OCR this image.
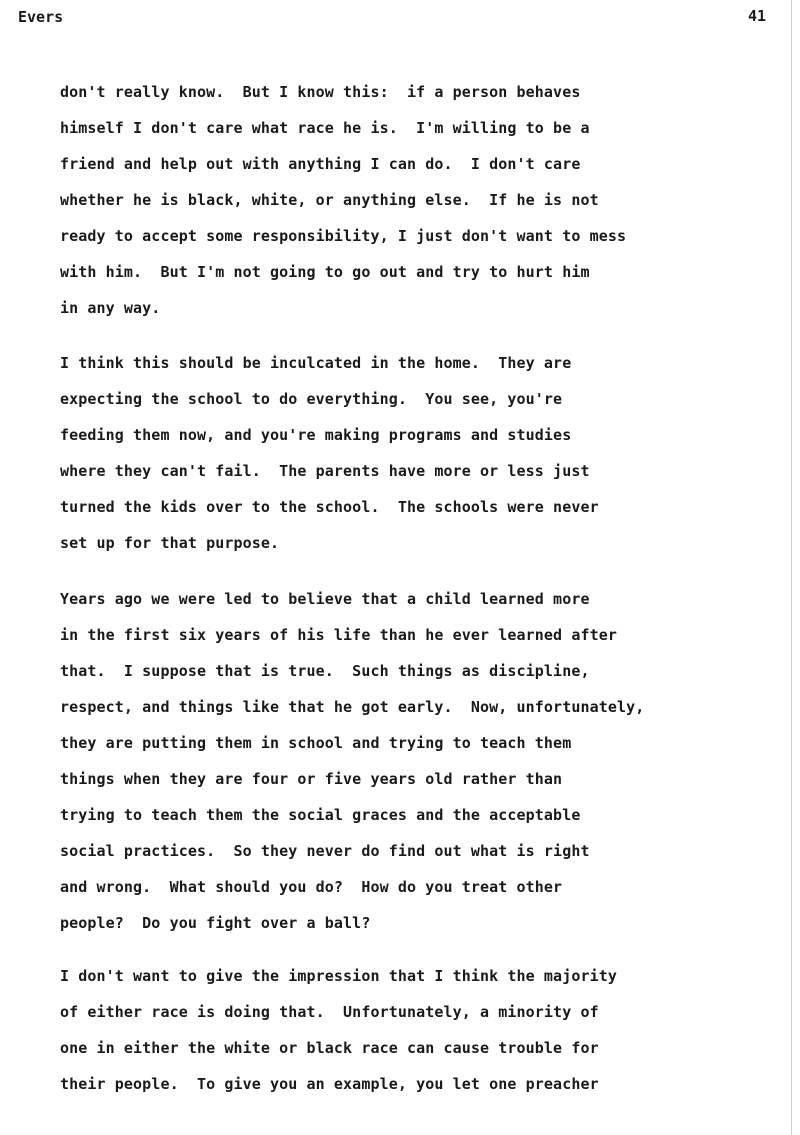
Evers	41
don't really know.  But I know this:  if a person behaves
himself I don't care what race he is.  I'm willing to be a
friend and help out with anything I can do.  I don't care
whether he is black, white, or anything else.  If he is not
ready to accept some responsibility, I just don't want to mess
with him.  But I'm not going to go out and try to hurt him
in any way.
I think this should be inculcated in the home.  They are
expecting the school to do everything.  You see, you're
feeding them now, and you're making programs and studies
where they can't fail.  The parents have more or less just
turned the kids over to the school.  The schools were never
set up for that purpose.
Years ago we were led to believe that a child learned more
in the first six years of his life than he ever learned after
that.  I suppose that is true.  Such things as discipline,
respect, and things like that he got early.  Now, unfortunately,
they are putting them in school and trying to teach them
things when they are four or five years old rather than
trying to teach them the social graces and the acceptable
social practices.  So they never do find out what is right
and wrong.  What should you do?  How do you treat other
people?  Do you fight over a ball?
I don't want to give the impression that I think the majority
of either race is doing that.  Unfortunately, a minority of
one in either the white or black race can cause trouble for
their people.  To give you an example, you let one preacher
